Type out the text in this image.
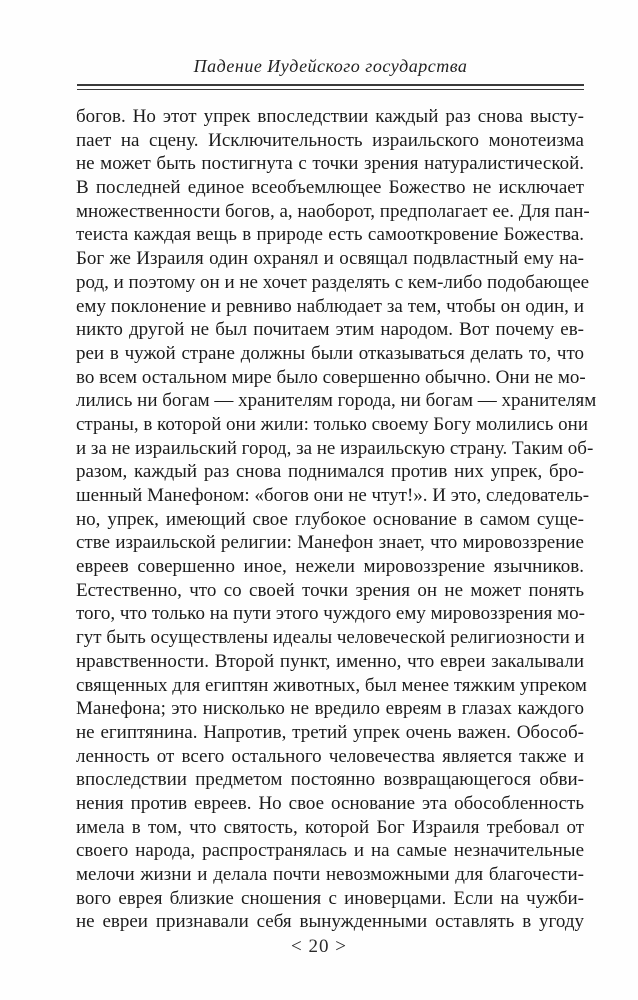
Падение Иудейского государства
богов. Но этот упрек впоследствии каждый раз снова высту-
пает на сцену. Исключительность израильского монотеизма
не может быть постигнута с точки зрения натуралистической.
В последней единое всеобъемлющее Божество не исключает
множественности богов, а, наоборот, предполагает ее. Для пан-
теиста каждая вещь в природе есть самооткровение Божества.
Бог же Израиля один охранял и освящал подвластный ему на-
род, и поэтому он и не хочет разделять с кем-либо подобающее
ему поклонение и ревниво наблюдает за тем, чтобы он один, и
никто другой не был почитаем этим народом. Вот почему ев-
реи в чужой стране должны были отказываться делать то, что
во всем остальном мире было совершенно обычно. Они не мо-
лились ни богам — хранителям города, ни богам — хранителям
страны, в которой они жили: только своему Богу молились они
и за не израильский город, за не израильскую страну. Таким об-
разом, каждый раз снова поднимался против них упрек, бро-
шенный Манефоном: «богов они не чтут!». И это, следователь-
но, упрек, имеющий свое глубокое основание в самом суще-
стве израильской религии: Манефон знает, что мировоззрение
евреев совершенно иное, нежели мировоззрение язычников.
Естественно, что со своей точки зрения он не может понять
того, что только на пути этого чуждого ему мировоззрения мо-
гут быть осуществлены идеалы человеческой религиозности и
нравственности. Второй пункт, именно, что евреи закалывали
священных для египтян животных, был менее тяжким упреком
Манефона; это нисколько не вредило евреям в глазах каждого
не египтянина. Напротив, третий упрек очень важен. Обособ-
ленность от всего остального человечества является также и
впоследствии предметом постоянно возвращающегося обви-
нения против евреев. Но свое основание эта обособленность
имела в том, что святость, которой Бог Израиля требовал от
своего народа, распространялась и на самые незначительные
мелочи жизни и делала почти невозможными для благочести-
вого еврея близкие сношения с иноверцами. Если на чужби-
не евреи признавали себя вынужденными оставлять в угоду
< 20 >
